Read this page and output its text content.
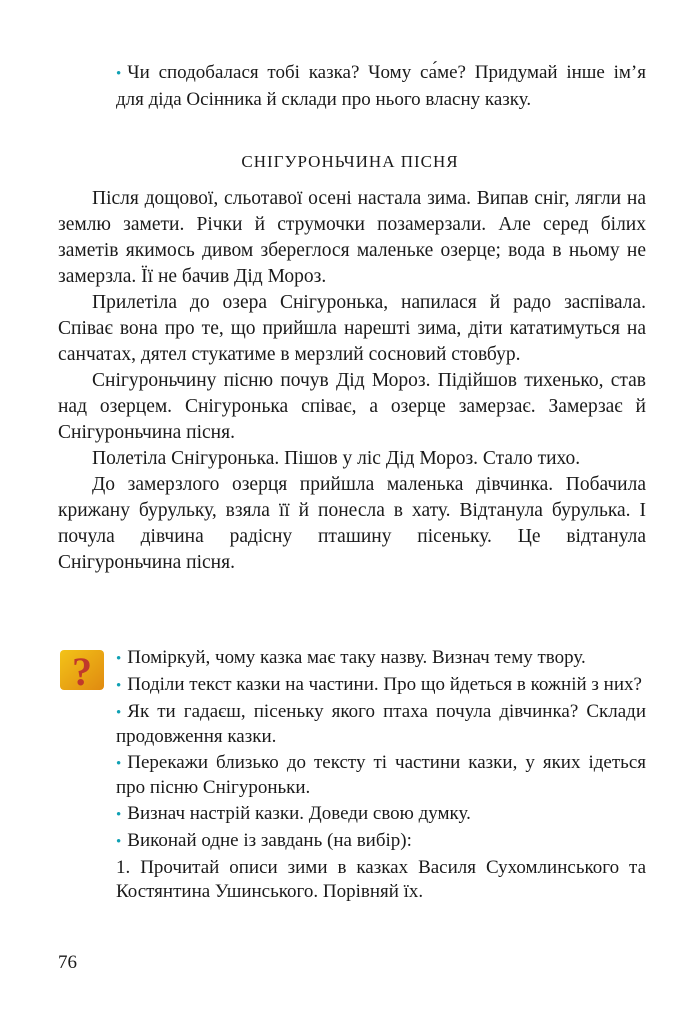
• Чи сподобалася тобі казка? Чому са́ме? Придумай інше ім’я для діда Осінника й склади про нього власну казку.
СНІГУРОНЬЧИНА ПІСНЯ

Після дощової, сльотавої осені настала зима. Випав сніг, лягли на землю замети. Річки й струмочки позамерзали. Але серед білих заметів якимось дивом збереглося маленьке озерце; вода в ньому не замерзла. Її не бачив Дід Мороз.

Прилетіла до озера Снігуронька, напилася й радо заспівала. Співає вона про те, що прийшла нарешті зима, діти кататимуться на санчатах, дятел стукатиме в мерзлий сосновий стовбур.

Снігуроньчину пісню почув Дід Мороз. Підійшов тихенько, став над озерцем. Снігуронька співає, а озерце замерзає. Замерзає й Снігуроньчина пісня.

Полетіла Снігуронька. Пішов у ліс Дід Мороз. Стало тихо.

До замерзлого озерця прийшла маленька дівчинка. Побачила крижану бурульку, взяла її й понесла в хату. Відтанула бурулька. І почула дівчина радісну пташину пісеньку. Це відтанула Снігуроньчина пісня.

? • Поміркуй, чому казка має таку назву. Визнач тему твору.

• Поділи текст казки на частини. Про що йдеться в кожній з них?

• Як ти гадаєш, пісеньку якого птаха почула дівчинка? Склади продовження казки.

• Перекажи близько до тексту ті частини казки, у яких ідеться про пісню Снігуроньки.

• Визнач настрій казки. Доведи свою думку.

• Виконай одне із завдань (на вибір):

1. Прочитай описи зими в казках Василя Сухомлинського та Костянтина Ушинського. Порівняй їх.

76
